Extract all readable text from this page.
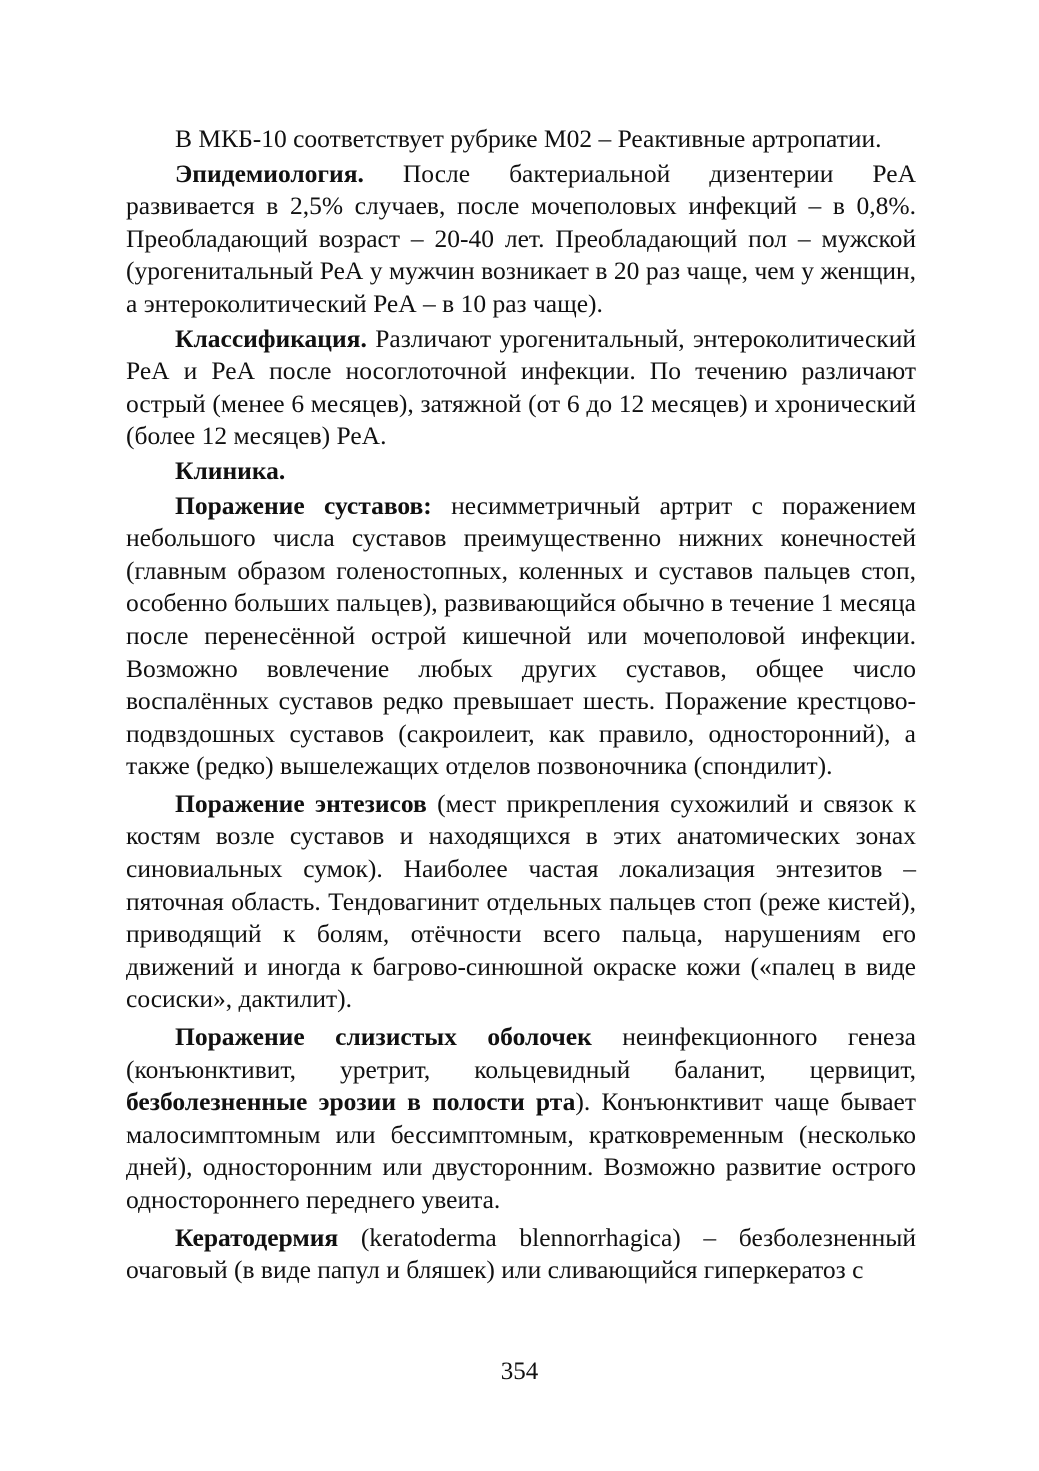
В МКБ-10 соответствует рубрике М02 – Реактивные артропатии.

Эпидемиология. После бактериальной дизентерии РеА развивается в 2,5% случаев, после мочеполовых инфекций – в 0,8%. Преобладающий возраст – 20-40 лет. Преобладающий пол – мужской (урогенитальный РеА у мужчин возникает в 20 раз чаще, чем у женщин, а энтероколитический РеА – в 10 раз чаще).

Классификация. Различают урогенитальный, энтероколитический РеА и РеА после носоглоточной инфекции. По течению различают острый (менее 6 месяцев), затяжной (от 6 до 12 месяцев) и хронический (более 12 месяцев) РеА.

Клиника.

Поражение суставов: несимметричный артрит с поражением небольшого числа суставов преимущественно нижних конечностей (главным образом голеностопных, коленных и суставов пальцев стоп, особенно больших пальцев), развивающийся обычно в течение 1 месяца после перенесённой острой кишечной или мочеполовой инфекции. Возможно вовлечение любых других суставов, общее число воспалённых суставов редко превышает шесть. Поражение крестцово-подвздошных суставов (сакроилеит, как правило, односторонний), а также (редко) вышележащих отделов позвоночника (спондилит).

Поражение энтезисов (мест прикрепления сухожилий и связок к костям возле суставов и находящихся в этих анатомических зонах синовиальных сумок). Наиболее частая локализация энтезитов – пяточная область. Тендовагинит отдельных пальцев стоп (реже кистей), приводящий к болям, отёчности всего пальца, нарушениям его движений и иногда к багрово-синюшной окраске кожи («палец в виде сосиски», дактилит).

Поражение слизистых оболочек неинфекционного генеза (конъюнктивит, уретрит, кольцевидный баланит, цервицит, безболезненные эрозии в полости рта). Конъюнктивит чаще бывает малосимптомным или бессимптомным, кратковременным (несколько дней), односторонним или двусторонним. Возможно развитие острого одностороннего переднего увеита.

Кератодермия (keratoderma blennorrhagica) – безболезненный очаговый (в виде папул и бляшек) или сливающийся гиперкератоз с

354
